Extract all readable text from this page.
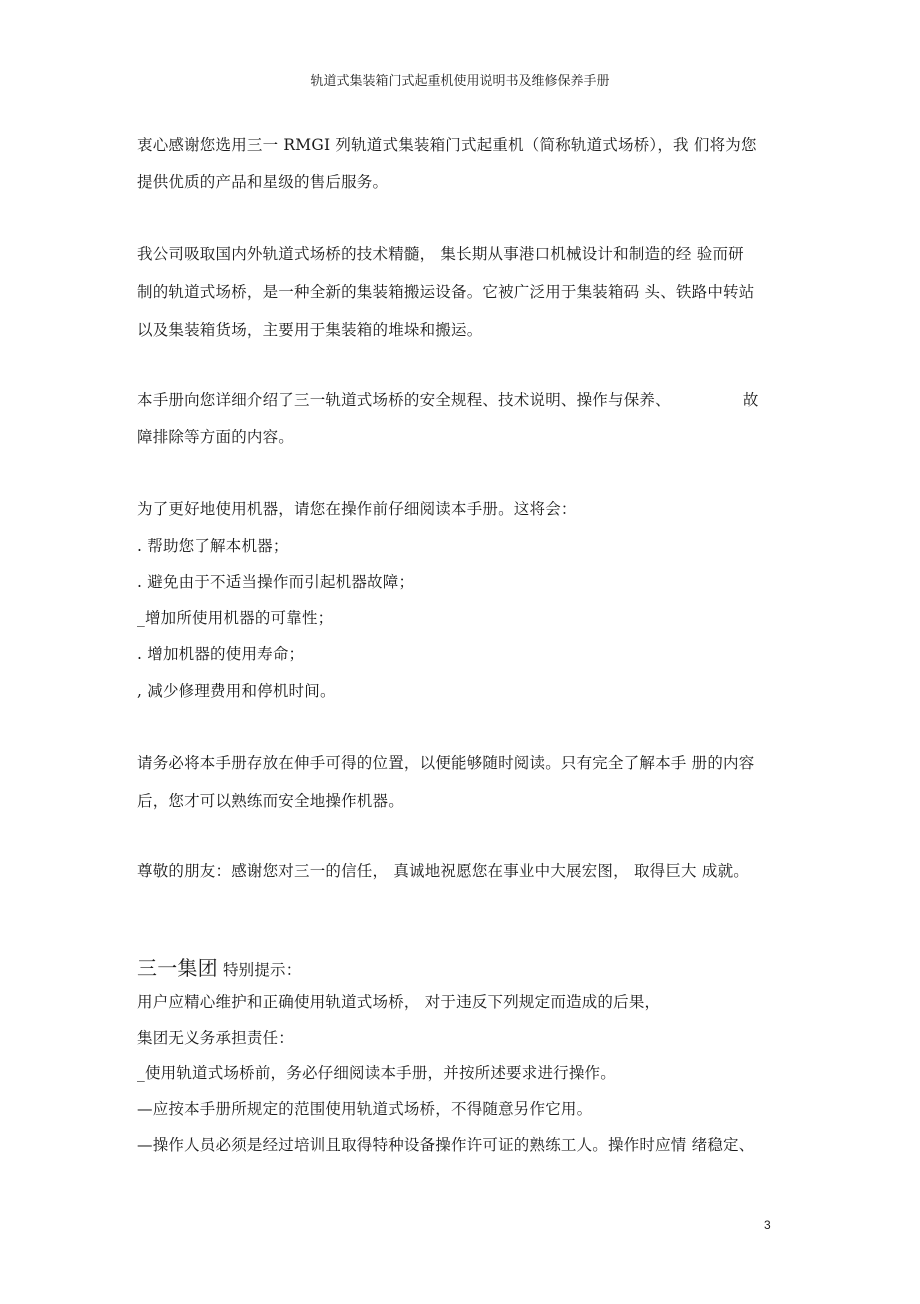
轨道式集装箱门式起重机使用说明书及维修保养手册
衷心感谢您选用三一 RMGI 列轨道式集装箱门式起重机（简称轨道式场桥），我 们将为您
提供优质的产品和星级的售后服务。
我公司吸取国内外轨道式场桥的技术精髓， 集长期从事港口机械设计和制造的经 验而研
制的轨道式场桥，是一种全新的集装箱搬运设备。它被广泛用于集装箱码 头、铁路中转站
以及集装箱货场，主要用于集装箱的堆垛和搬运。
本手册向您详细介绍了三一轨道式场桥的安全规程、技术说明、操作与保养、	故
障排除等方面的内容。
为了更好地使用机器，请您在操作前仔细阅读本手册。这将会：
. 帮助您了解本机器；
. 避免由于不适当操作而引起机器故障；
_增加所使用机器的可靠性；
. 增加机器的使用寿命；
, 减少修理费用和停机时间。
请务必将本手册存放在伸手可得的位置，以便能够随时阅读。只有完全了解本手 册的内容
后，您才可以熟练而安全地操作机器。
尊敬的朋友：感谢您对三一的信任， 真诚地祝愿您在事业中大展宏图， 取得巨大 成就。
三一集团 特别提示：
用户应精心维护和正确使用轨道式场桥， 对于违反下列规定而造成的后果，
集团无义务承担责任：
_使用轨道式场桥前，务必仔细阅读本手册，并按所述要求进行操作。
—应按本手册所规定的范围使用轨道式场桥，不得随意另作它用。
—操作人员必须是经过培训且取得特种设备操作许可证的熟练工人。操作时应情 绪稳定、
3
